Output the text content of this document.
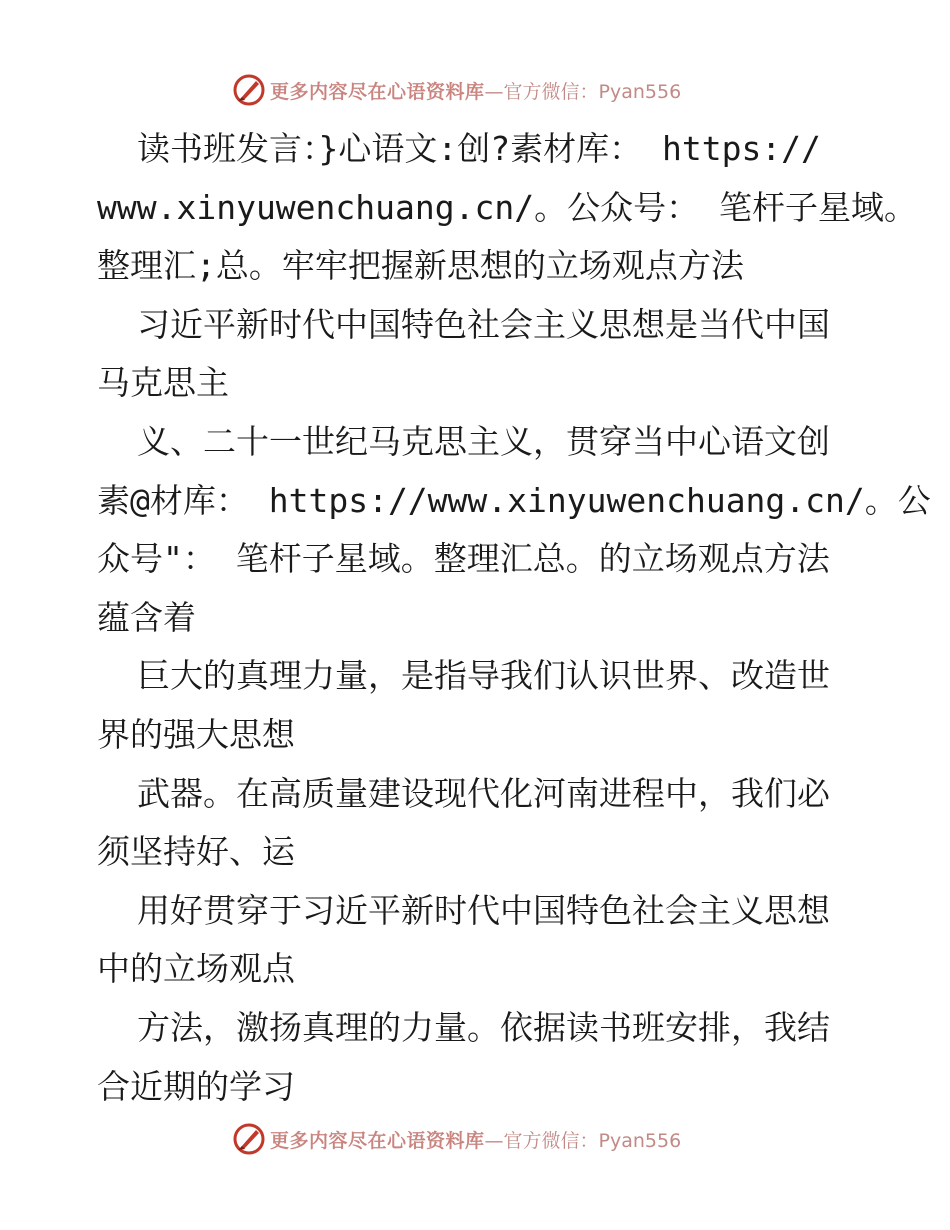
更多内容尽在心语资料库 —官方微信：Pyan556
读书班发言：}心语文:创?素材库： https://
www.xinyuwenchuang.cn/。公众号： 笔杆子星域。
整理汇;总。牢牢把握新思想的立场观点方法
习近平新时代中国特色社会主义思想是当代中国
马克思主
义、二十一世纪马克思主义，贯穿当中心语文创
素@材库： https://www.xinyuwenchuang.cn/。公
众号"： 笔杆子星域。整理汇总。的立场观点方法
蕴含着
巨大的真理力量，是指导我们认识世界、改造世
界的强大思想
武器。在高质量建设现代化河南进程中，我们必
须坚持好、运
用好贯穿于习近平新时代中国特色社会主义思想
中的立场观点
方法，激扬真理的力量。依据读书班安排，我结
合近期的学习
更多内容尽在心语资料库 —官方微信：Pyan556
